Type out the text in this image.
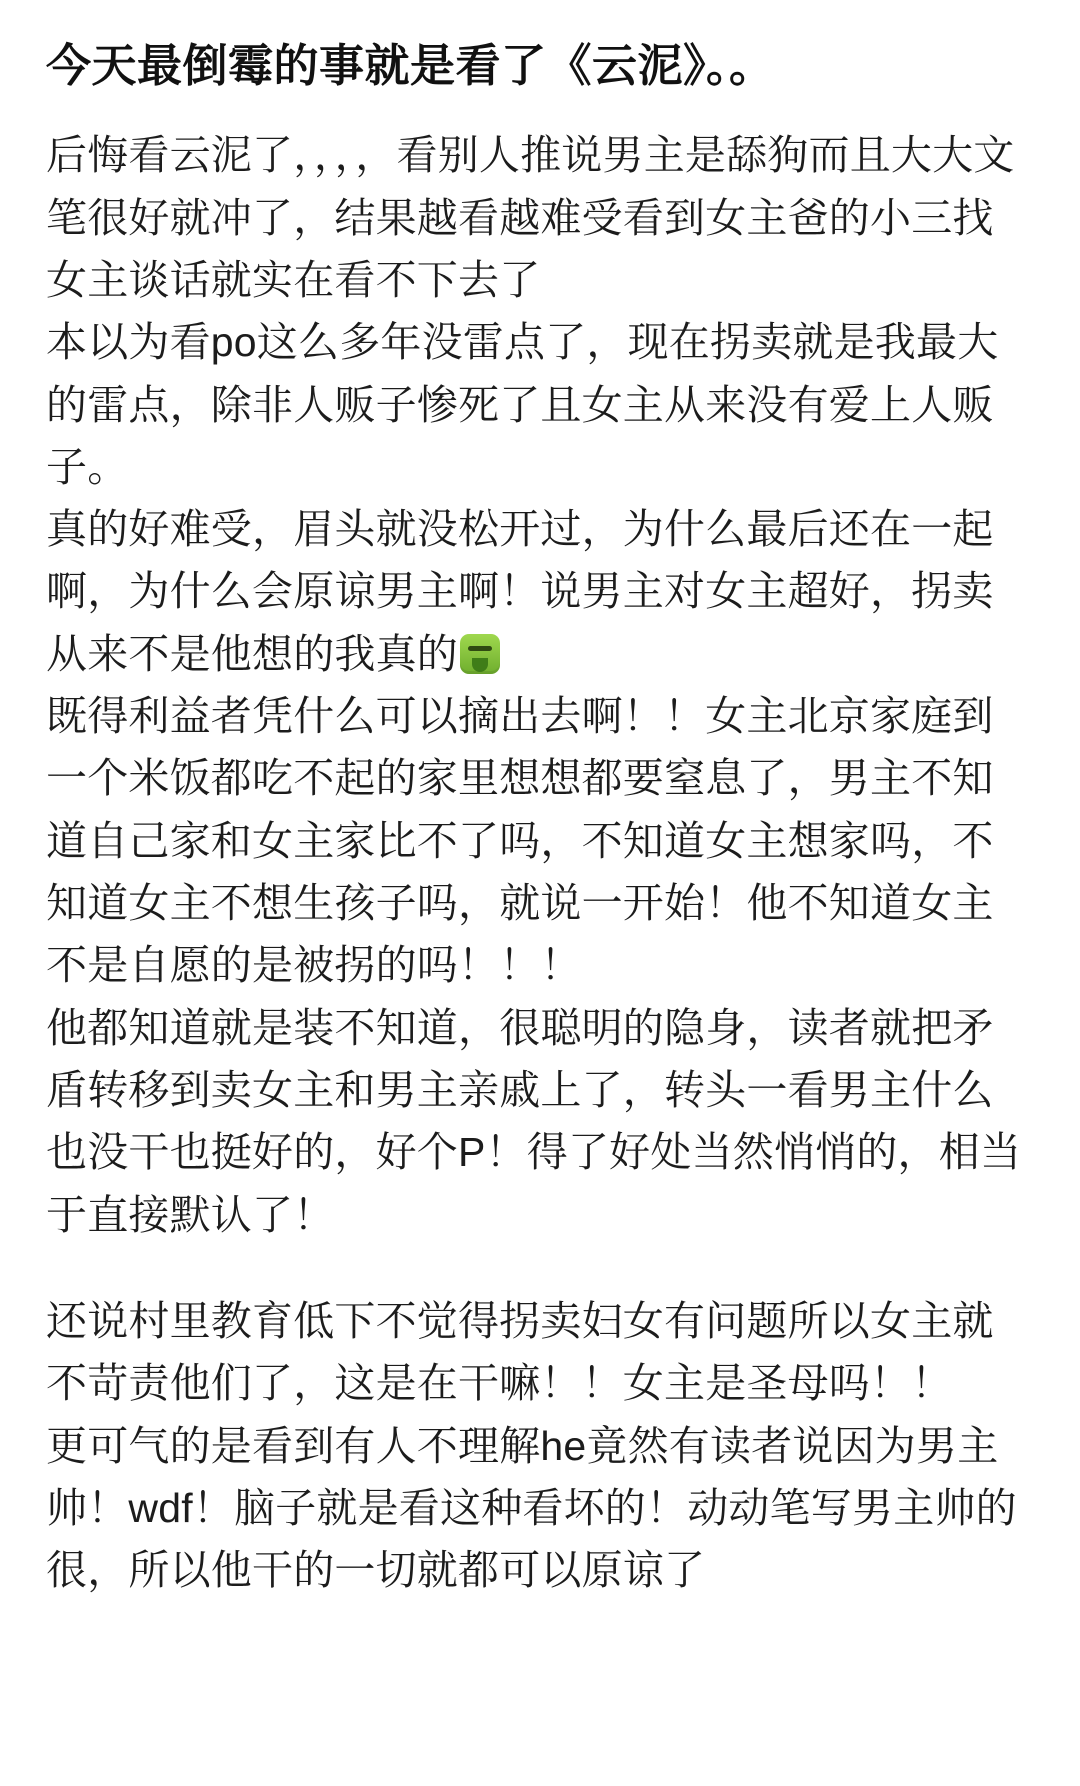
今天最倒霉的事就是看了《云泥》。。

后悔看云泥了，，，，看别人推说男主是舔狗而且大大文笔很好就冲了，结果越看越难受看到女主爸的小三找女主谈话就实在看不下去了

本以为看po这么多年没雷点了，现在拐卖就是我最大的雷点，除非人贩子惨死了且女主从来没有爱上人贩子。

真的好难受，眉头就没松开过，为什么最后还在一起啊，为什么会原谅男主啊！说男主对女主超好，拐卖从来不是他想的我真的

既得利益者凭什么可以摘出去啊！！女主北京家庭到一个米饭都吃不起的家里想想都要窒息了，男主不知道自己家和女主家比不了吗，不知道女主想家吗，不知道女主不想生孩子吗，就说一开始！他不知道女主不是自愿的是被拐的吗！！！

他都知道就是装不知道，很聪明的隐身，读者就把矛盾转移到卖女主和男主亲戚上了，转头一看男主什么也没干也挺好的，好个P！得了好处当然悄悄的，相当于直接默认了！

还说村里教育低下不觉得拐卖妇女有问题所以女主就不苛责他们了，这是在干嘛！！女主是圣母吗！！

更可气的是看到有人不理解he竟然有读者说因为男主帅！wdf！脑子就是看这种看坏的！动动笔写男主帅的很，所以他干的一切就都可以原谅了
